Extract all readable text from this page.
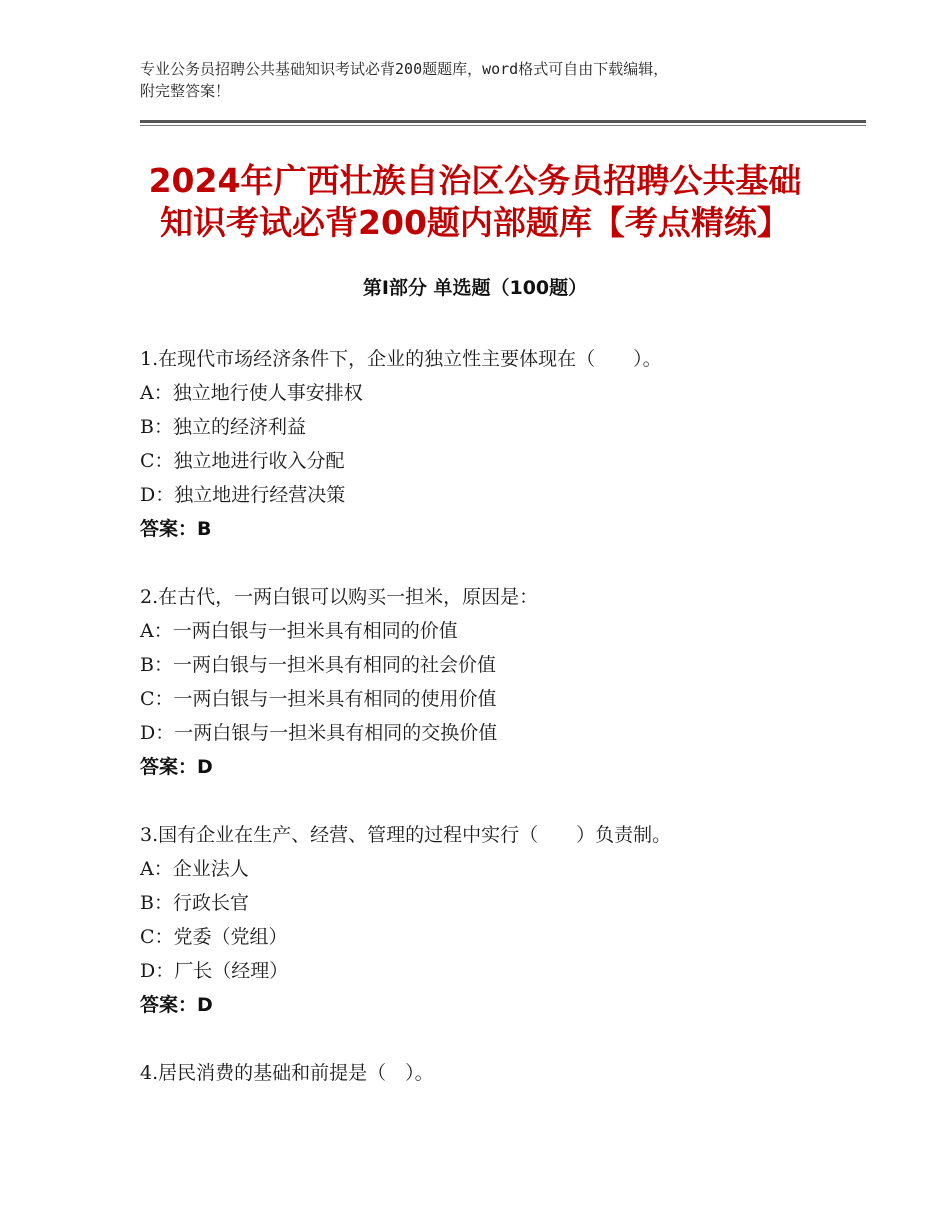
专业公务员招聘公共基础知识考试必背200题题库，word格式可自由下载编辑，
附完整答案！
2024年广西壮族自治区公务员招聘公共基础
知识考试必背200题内部题库【考点精练】
第Ⅰ部分 单选题（100题）
1.在现代市场经济条件下，企业的独立性主要体现在（　　）。
A：独立地行使人事安排权
B：独立的经济利益
C：独立地进行收入分配
D：独立地进行经营决策
答案：B
2.在古代，一两白银可以购买一担米，原因是：
A：一两白银与一担米具有相同的价值
B：一两白银与一担米具有相同的社会价值
C：一两白银与一担米具有相同的使用价值
D：一两白银与一担米具有相同的交换价值
答案：D
3.国有企业在生产、经营、管理的过程中实行（　　）负责制。
A：企业法人
B：行政长官
C：党委（党组）
D：厂长（经理）
答案：D
4.居民消费的基础和前提是（　）。
